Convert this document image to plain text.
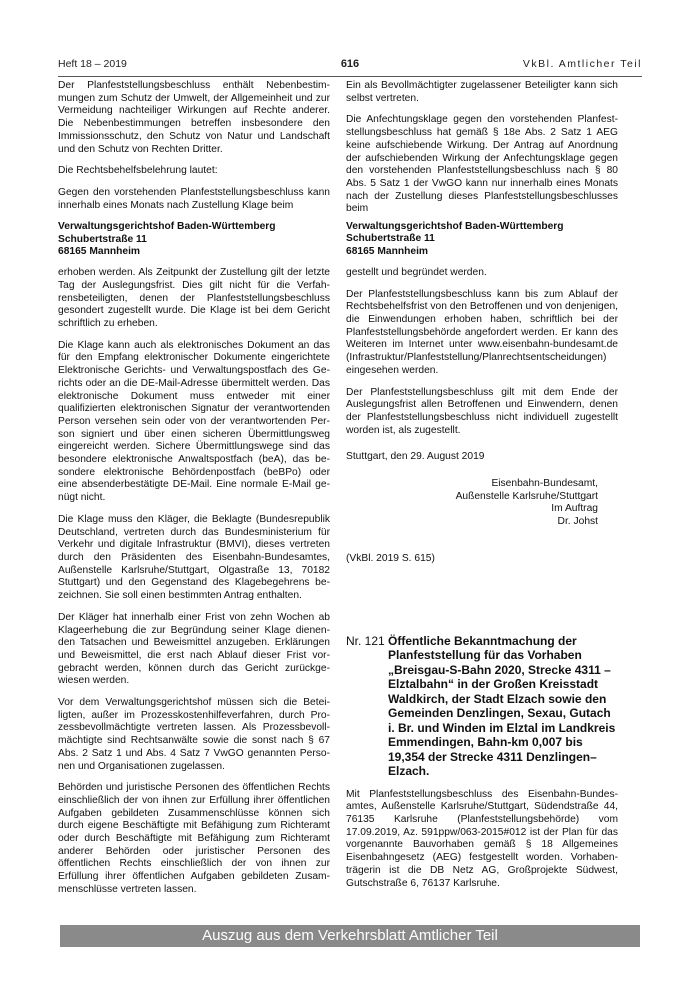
Heft 18 – 2019	616	VkBl. Amtlicher Teil

Der Planfeststellungsbeschluss enthält Nebenbestimmungen zum Schutz der Umwelt, der Allgemeinheit und zur Vermeidung nachteiliger Wirkungen auf Rechte anderer. Die Nebenbestimmungen betreffen insbesondere den Immissionsschutz, den Schutz von Natur und Landschaft und den Schutz von Rechten Dritter.

Die Rechtsbehelfsbelehrung lautet:

Gegen den vorstehenden Planfeststellungsbeschluss kann innerhalb eines Monats nach Zustellung Klage beim

Verwaltungsgerichtshof Baden-Württemberg
Schubertstraße 11
68165 Mannheim

erhoben werden. Als Zeitpunkt der Zustellung gilt der letzte Tag der Auslegungsfrist. Dies gilt nicht für die Verfahrensbeteiligten, denen der Planfeststellungsbeschluss gesondert zugestellt wurde. Die Klage ist bei dem Gericht schriftlich zu erheben.

Die Klage kann auch als elektronisches Dokument an das für den Empfang elektronischer Dokumente eingerichtete Elektronische Gerichts- und Verwaltungspostfach des Gerichts oder an die DE-Mail-Adresse übermittelt werden. Das elektronische Dokument muss entweder mit einer qualifizierten elektronischen Signatur der verantwortenden Person versehen sein oder von der verantwortenden Person signiert und über einen sicheren Übermittlungsweg eingereicht werden. Sichere Übermittlungswege sind das besondere elektronische Anwaltspostfach (beA), das besondere elektronische Behördenpostfach (beBPo) oder eine absenderbestätigte DE-Mail. Eine normale E-Mail genügt nicht.

Die Klage muss den Kläger, die Beklagte (Bundesrepublik Deutschland, vertreten durch das Bundesministerium für Verkehr und digitale Infrastruktur (BMVI), dieses vertreten durch den Präsidenten des Eisenbahn-Bundesamtes, Außenstelle Karlsruhe/Stuttgart, Olgastraße 13, 70182 Stuttgart) und den Gegenstand des Klagebegehrens bezeichnen. Sie soll einen bestimmten Antrag enthalten.

Der Kläger hat innerhalb einer Frist von zehn Wochen ab Klageerhebung die zur Begründung seiner Klage dienenden Tatsachen und Beweismittel anzugeben. Erklärungen und Beweismittel, die erst nach Ablauf dieser Frist vorgebracht werden, können durch das Gericht zurückgewiesen werden.

Vor dem Verwaltungsgerichtshof müssen sich die Beteiligten, außer im Prozesskostenhilfeverfahren, durch Prozessbevollmächtigte vertreten lassen. Als Prozessbevollmächtigte sind Rechtsanwälte sowie die sonst nach § 67 Abs. 2 Satz 1 und Abs. 4 Satz 7 VwGO genannten Personen und Organisationen zugelassen.

Behörden und juristische Personen des öffentlichen Rechts einschließlich der von ihnen zur Erfüllung ihrer öffentlichen Aufgaben gebildeten Zusammenschlüsse können sich durch eigene Beschäftigte mit Befähigung zum Richteramt oder durch Beschäftigte mit Befähigung zum Richteramt anderer Behörden oder juristischer Personen des öffentlichen Rechts einschließlich der von ihnen zur Erfüllung ihrer öffentlichen Aufgaben gebildeten Zusammenschlüsse vertreten lassen.

Ein als Bevollmächtigter zugelassener Beteiligter kann sich selbst vertreten.

Die Anfechtungsklage gegen den vorstehenden Planfeststellungsbeschluss hat gemäß § 18e Abs. 2 Satz 1 AEG keine aufschiebende Wirkung. Der Antrag auf Anordnung der aufschiebenden Wirkung der Anfechtungsklage gegen den vorstehenden Planfeststellungsbeschluss nach § 80 Abs. 5 Satz 1 der VwGO kann nur innerhalb eines Monats nach der Zustellung dieses Planfeststellungsbeschlusses beim

Verwaltungsgerichtshof Baden-Württemberg
Schubertstraße 11
68165 Mannheim

gestellt und begründet werden.

Der Planfeststellungsbeschluss kann bis zum Ablauf der Rechtsbehelfsfrist von den Betroffenen und von denjenigen, die Einwendungen erhoben haben, schriftlich bei der Planfeststellungsbehörde angefordert werden. Er kann des Weiteren im Internet unter www.eisenbahn-bundesamt.de (Infrastruktur/Planfeststellung/Planrechtsentscheidungen) eingesehen werden.

Der Planfeststellungsbeschluss gilt mit dem Ende der Auslegungsfrist allen Betroffenen und Einwendern, denen der Planfeststellungsbeschluss nicht individuell zugestellt worden ist, als zugestellt.

Stuttgart, den 29. August 2019

Eisenbahn-Bundesamt,
Außenstelle Karlsruhe/Stuttgart
Im Auftrag
Dr. Johst

(VkBl. 2019 S. 615)

Nr. 121 Öffentliche Bekanntmachung der Planfeststellung für das Vorhaben „Breisgau-S-Bahn 2020, Strecke 4311 – Elztalbahn“ in der Großen Kreisstadt Waldkirch, der Stadt Elzach sowie den Gemeinden Denzlingen, Sexau, Gutach i. Br. und Winden im Elztal im Landkreis Emmendingen, Bahn-km 0,007 bis 19,354 der Strecke 4311 Denzlingen–Elzach.

Mit Planfeststellungsbeschluss des Eisenbahn-Bundesamtes, Außenstelle Karlsruhe/Stuttgart, Südendstraße 44, 76135 Karlsruhe (Planfeststellungsbehörde) vom 17.09.2019, Az. 591ppw/063-2015#012 ist der Plan für das vorgenannte Bauvorhaben gemäß § 18 Allgemeines Eisenbahngesetz (AEG) festgestellt worden. Vorhabenträgerin ist die DB Netz AG, Großprojekte Südwest, Gutschstraße 6, 76137 Karlsruhe.

Auszug aus dem Verkehrsblatt Amtlicher Teil
